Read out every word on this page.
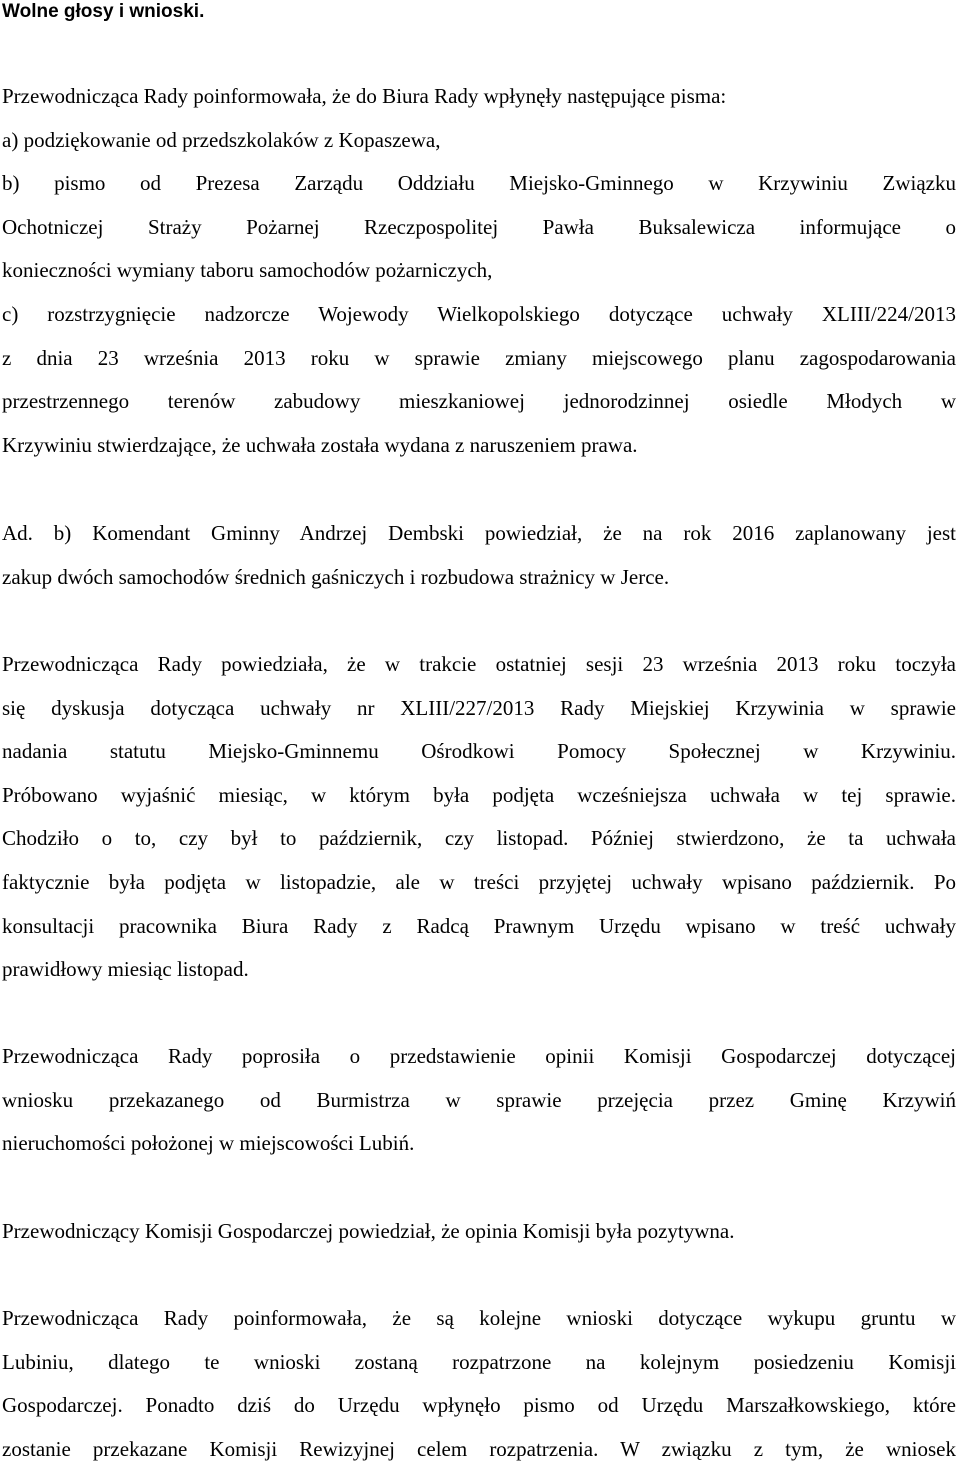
Wolne głosy i wnioski.
Przewodnicząca Rady poinformowała, że do Biura Rady wpłynęły następujące pisma:
a) podziękowanie od przedszkolaków z Kopaszewa,
b) pismo od Prezesa Zarządu Oddziału Miejsko-Gminnego w Krzywiniu Związku
Ochotniczej Straży Pożarnej Rzeczpospolitej Pawła Buksalewicza informujące o
konieczności wymiany taboru samochodów pożarniczych,
c) rozstrzygnięcie nadzorcze Wojewody Wielkopolskiego dotyczące uchwały XLIII/224/2013
z dnia 23 września 2013 roku w sprawie zmiany miejscowego planu zagospodarowania
przestrzennego terenów zabudowy mieszkaniowej jednorodzinnej osiedle Młodych w
Krzywiniu stwierdzające, że uchwała została wydana z naruszeniem prawa.
Ad. b) Komendant Gminny Andrzej Dembski powiedział, że na rok 2016 zaplanowany jest
zakup dwóch samochodów średnich gaśniczych i rozbudowa strażnicy w Jerce.
Przewodnicząca Rady powiedziała, że w trakcie ostatniej sesji 23 września 2013 roku toczyła
się dyskusja dotycząca uchwały nr XLIII/227/2013 Rady Miejskiej Krzywinia w sprawie
nadania statutu Miejsko-Gminnemu Ośrodkowi Pomocy Społecznej w Krzywiniu.
Próbowano wyjaśnić miesiąc, w którym była podjęta wcześniejsza uchwała w tej sprawie.
Chodziło o to, czy był to październik, czy listopad. Później stwierdzono, że ta uchwała
faktycznie była podjęta w listopadzie, ale w treści przyjętej uchwały wpisano październik. Po
konsultacji pracownika Biura Rady z Radcą Prawnym Urzędu wpisano w treść uchwały
prawidłowy miesiąc listopad.
Przewodnicząca Rady poprosiła o przedstawienie opinii Komisji Gospodarczej dotyczącej
wniosku przekazanego od Burmistrza w sprawie przejęcia przez Gminę Krzywiń
nieruchomości położonej w miejscowości Lubiń.
Przewodniczący Komisji Gospodarczej powiedział, że opinia Komisji była pozytywna.
Przewodnicząca Rady poinformowała, że są kolejne wnioski dotyczące wykupu gruntu w
Lubiniu, dlatego te wnioski zostaną rozpatrzone na kolejnym posiedzeniu Komisji
Gospodarczej. Ponadto dziś do Urzędu wpłynęło pismo od Urzędu Marszałkowskiego, które
zostanie przekazane Komisji Rewizyjnej celem rozpatrzenia. W związku z tym, że wniosek
